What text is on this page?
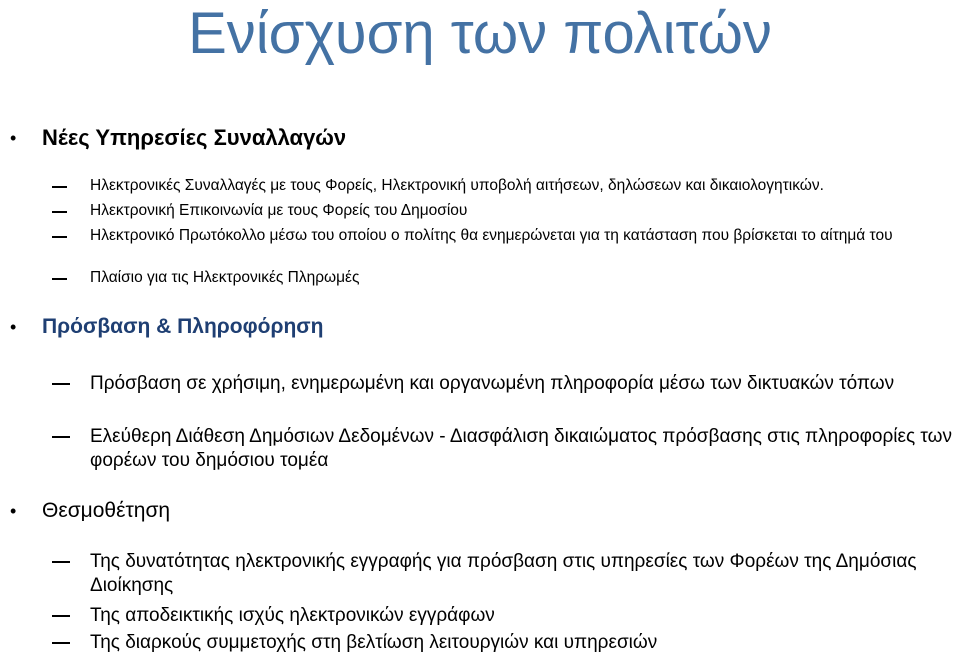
Ενίσχυση των πολιτών
• Νέες Υπηρεσίες Συναλλαγών
Ηλεκτρονικές Συναλλαγές με τους Φορείς, Ηλεκτρονική υποβολή αιτήσεων, δηλώσεων και δικαιολογητικών.
Ηλεκτρονική Επικοινωνία με τους Φορείς του Δημοσίου
Ηλεκτρονικό Πρωτόκολλο μέσω του οποίου ο πολίτης θα ενημερώνεται για τη κατάσταση που βρίσκεται το αίτημά του
Πλαίσιο για τις Ηλεκτρονικές Πληρωμές
• Πρόσβαση & Πληροφόρηση
Πρόσβαση σε χρήσιμη, ενημερωμένη και οργανωμένη πληροφορία μέσω των δικτυακών τόπων
Ελεύθερη Διάθεση Δημόσιων Δεδομένων - Διασφάλιση δικαιώματος πρόσβασης στις πληροφορίες των φορέων του δημόσιου τομέα
• Θεσμοθέτηση
Της δυνατότητας ηλεκτρονικής εγγραφής για πρόσβαση στις υπηρεσίες των Φορέων της Δημόσιας Διοίκησης
Της αποδεικτικής ισχύς ηλεκτρονικών εγγράφων
Της διαρκούς συμμετοχής στη βελτίωση λειτουργιών και υπηρεσιών
